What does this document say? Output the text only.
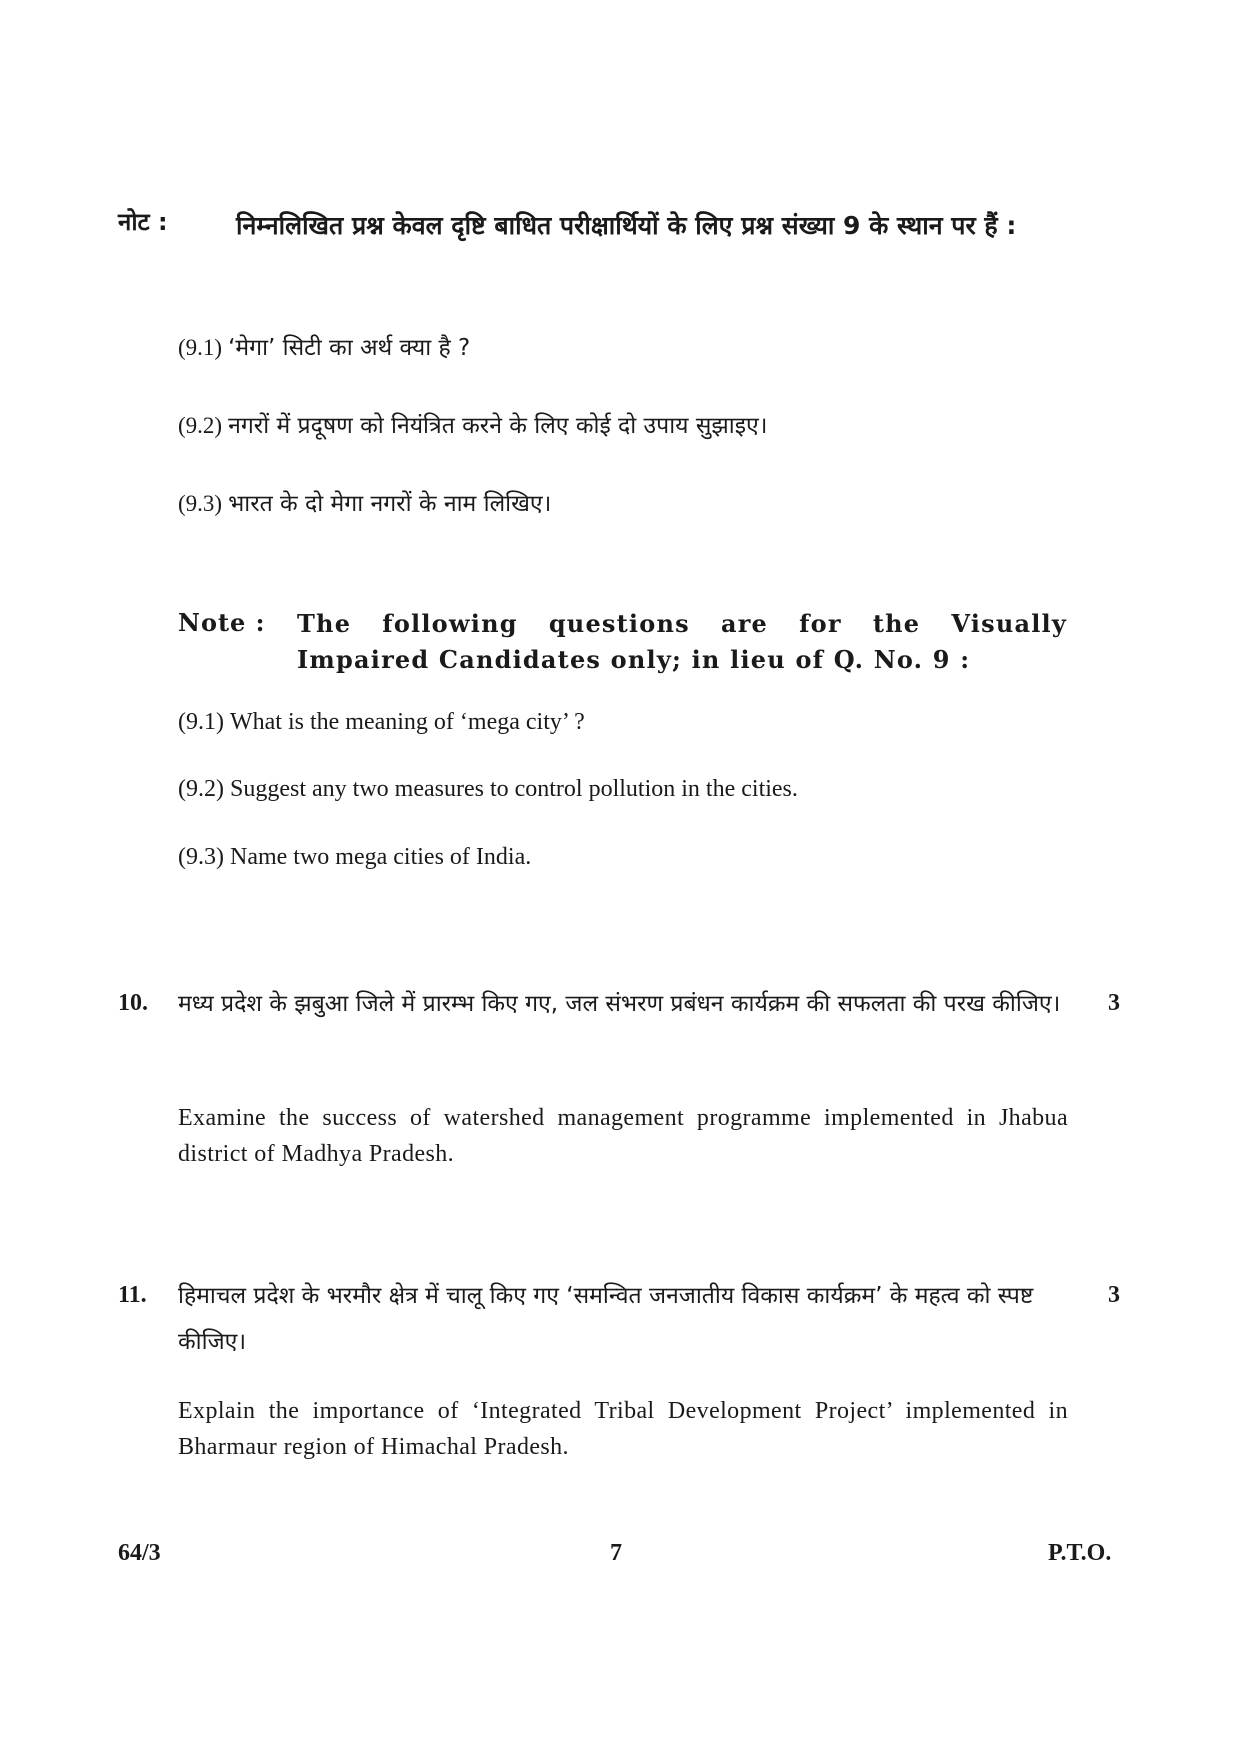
नोट :	निम्नलिखित प्रश्न केवल दृष्टि बाधित परीक्षार्थियों के लिए प्रश्न संख्या 9 के स्थान पर हैं :
(9.1) ‘मेगा’ सिटी का अर्थ क्या है ?
(9.2) नगरों में प्रदूषण को नियंत्रित करने के लिए कोई दो उपाय सुझाइए।
(9.3) भारत के दो मेगा नगरों के नाम लिखिए।
Note : The following questions are for the Visually Impaired Candidates only; in lieu of Q. No. 9 :
(9.1) What is the meaning of ‘mega city’ ?
(9.2) Suggest any two measures to control pollution in the cities.
(9.3) Name two mega cities of India.
10. मध्य प्रदेश के झबुआ जिले में प्रारम्भ किए गए, जल संभरण प्रबंधन कार्यक्रम की सफलता की परख कीजिए।	3
Examine the success of watershed management programme implemented in Jhabua district of Madhya Pradesh.
11. हिमाचल प्रदेश के भरमौर क्षेत्र में चालू किए गए ‘समन्वित जनजातीय विकास कार्यक्रम’ के महत्व को स्पष्ट कीजिए।
3
Explain the importance of ‘Integrated Tribal Development Project’ implemented in Bharmaur region of Himachal Pradesh.
64/3	7	P.T.O.
